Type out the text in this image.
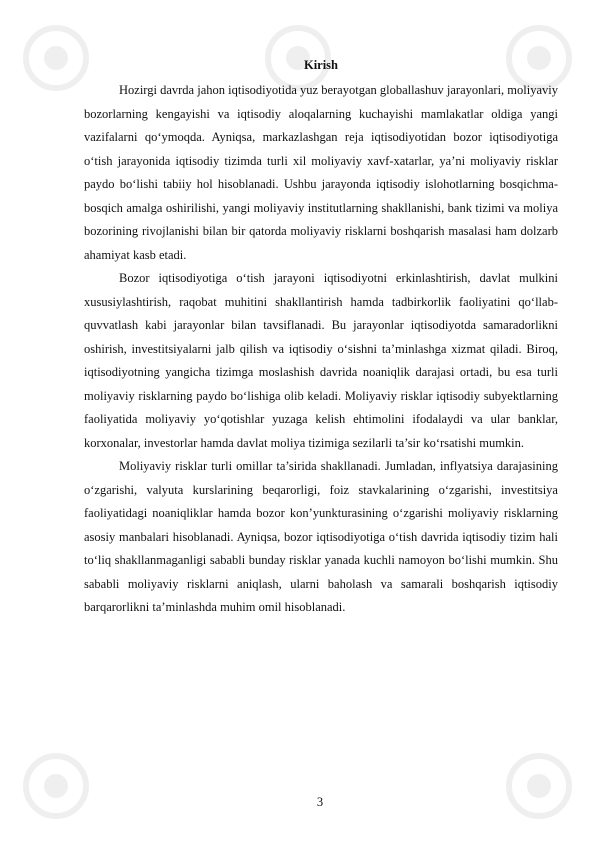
Kirish

Hozirgi davrda jahon iqtisodiyotida yuz berayotgan globallashuv jarayonlari, moliyaviy bozorlarning kengayishi va iqtisodiy aloqalarning kuchayishi mamlakatlar oldiga yangi vazifalarni qo‘ymoqda. Ayniqsa, markazlashgan reja iqtisodiyotidan bozor iqtisodiyotiga o‘tish jarayonida iqtisodiy tizimda turli xil moliyaviy xavf-xatarlar, ya’ni moliyaviy risklar paydo bo‘lishi tabiiy hol hisoblanadi. Ushbu jarayonda iqtisodiy islohotlarning bosqichma-bosqich amalga oshirilishi, yangi moliyaviy institutlarning shakllanishi, bank tizimi va moliya bozorining rivojlanishi bilan bir qatorda moliyaviy risklarni boshqarish masalasi ham dolzarb ahamiyat kasb etadi.

Bozor iqtisodiyotiga o‘tish jarayoni iqtisodiyotni erkinlashtirish, davlat mulkini xususiylashtirish, raqobat muhitini shakllantirish hamda tadbirkorlik faoliyatini qo‘llab-quvvatlash kabi jarayonlar bilan tavsiflanadi. Bu jarayonlar iqtisodiyotda samaradorlikni oshirish, investitsiyalarni jalb qilish va iqtisodiy o‘sishni ta’minlashga xizmat qiladi. Biroq, iqtisodiyotning yangicha tizimga moslashish davrida noaniqlik darajasi ortadi, bu esa turli moliyaviy risklarning paydo bo‘lishiga olib keladi. Moliyaviy risklar iqtisodiy subyektlarning faoliyatida moliyaviy yo‘qotishlar yuzaga kelish ehtimolini ifodalaydi va ular banklar, korxonalar, investorlar hamda davlat moliya tizimiga sezilarli ta’sir ko‘rsatishi mumkin.

Moliyaviy risklar turli omillar ta’sirida shakllanadi. Jumladan, inflyatsiya darajasining o‘zgarishi, valyuta kurslarining beqarorligi, foiz stavkalarining o‘zgarishi, investitsiya faoliyatidagi noaniqliklar hamda bozor kon’yunkturasining o‘zgarishi moliyaviy risklarning asosiy manbalari hisoblanadi. Ayniqsa, bozor iqtisodiyotiga o‘tish davrida iqtisodiy tizim hali to‘liq shakllanmaganligi sababli bunday risklar yanada kuchli namoyon bo‘lishi mumkin. Shu sababli moliyaviy risklarni aniqlash, ularni baholash va samarali boshqarish iqtisodiy barqarorlikni ta’minlashda muhim omil hisoblanadi.

3
